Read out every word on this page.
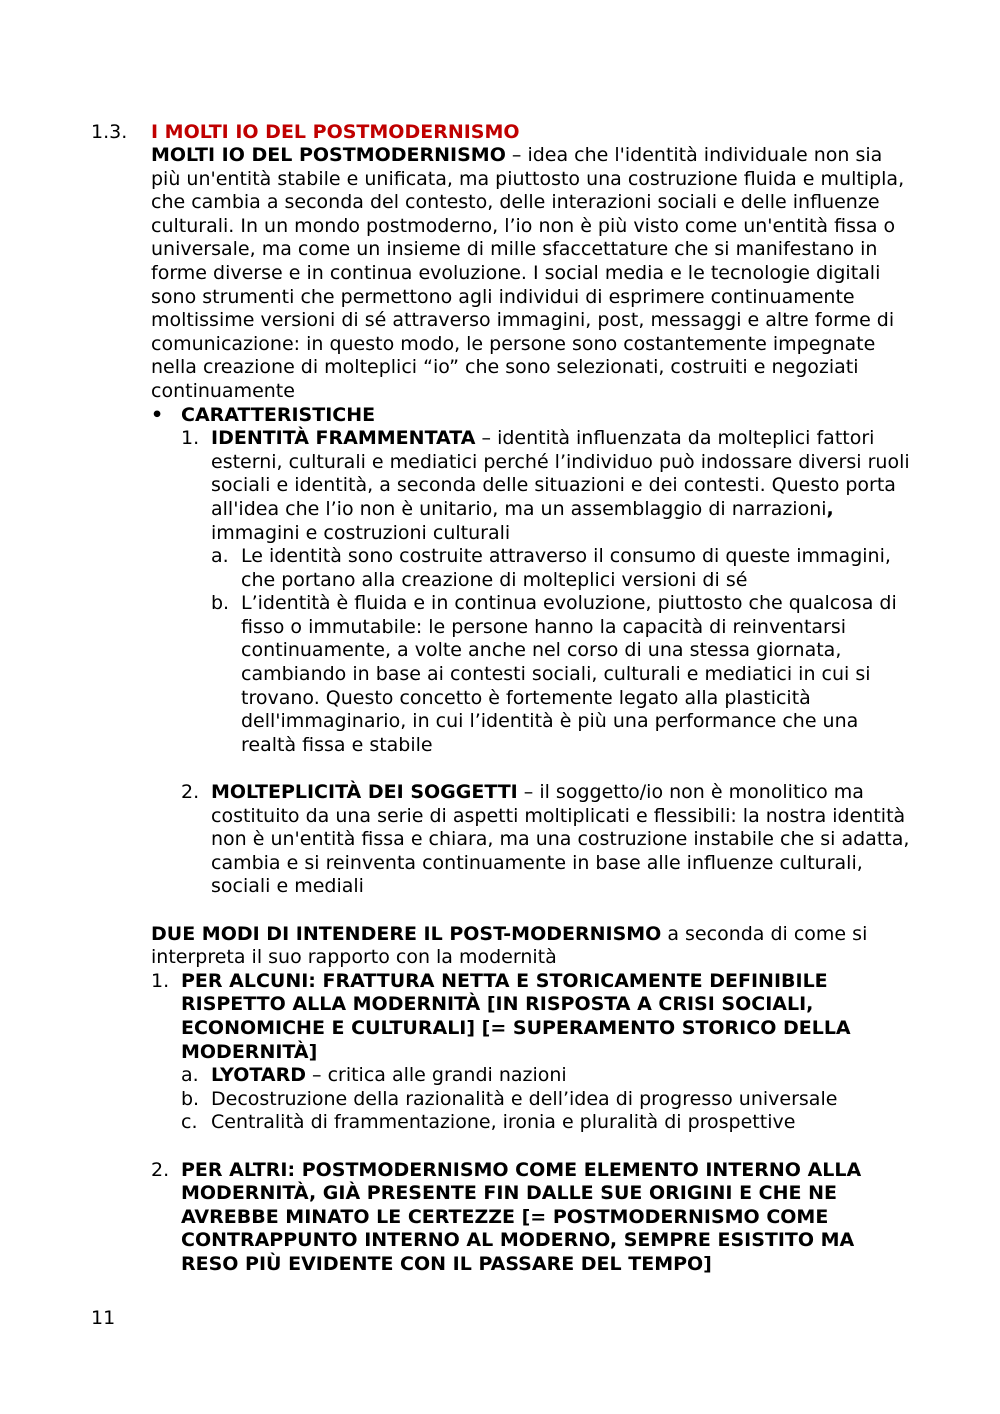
1.3. I MOLTI IO DEL POSTMODERNISMO

MOLTI IO DEL POSTMODERNISMO – idea che l'identità individuale non sia più un'entità stabile e unificata, ma piuttosto una costruzione fluida e multipla, che cambia a seconda del contesto, delle interazioni sociali e delle influenze culturali. In un mondo postmoderno, l’io non è più visto come un'entità fissa o universale, ma come un insieme di mille sfaccettature che si manifestano in forme diverse e in continua evoluzione. I social media e le tecnologie digitali sono strumenti che permettono agli individui di esprimere continuamente moltissime versioni di sé attraverso immagini, post, messaggi e altre forme di comunicazione: in questo modo, le persone sono costantemente impegnate nella creazione di molteplici “io” che sono selezionati, costruiti e negoziati continuamente

• CARATTERISTICHE
1. IDENTITÀ FRAMMENTATA – identità influenzata da molteplici fattori esterni, culturali e mediatici perché l’individuo può indossare diversi ruoli sociali e identità, a seconda delle situazioni e dei contesti. Questo porta all'idea che l’io non è unitario, ma un assemblaggio di narrazioni, immagini e costruzioni culturali
a. Le identità sono costruite attraverso il consumo di queste immagini, che portano alla creazione di molteplici versioni di sé
b. L’identità è fluida e in continua evoluzione, piuttosto che qualcosa di fisso o immutabile: le persone hanno la capacità di reinventarsi continuamente, a volte anche nel corso di una stessa giornata, cambiando in base ai contesti sociali, culturali e mediatici in cui si trovano. Questo concetto è fortemente legato alla plasticità dell'immaginario, in cui l’identità è più una performance che una realtà fissa e stabile
2. MOLTEPLICITÀ DEI SOGGETTI – il soggetto/io non è monolitico ma costituito da una serie di aspetti moltiplicati e flessibili: la nostra identità non è un'entità fissa e chiara, ma una costruzione instabile che si adatta, cambia e si reinventa continuamente in base alle influenze culturali, sociali e mediali

DUE MODI DI INTENDERE IL POST-MODERNISMO a seconda di come si interpreta il suo rapporto con la modernità

1. PER ALCUNI: FRATTURA NETTA E STORICAMENTE DEFINIBILE RISPETTO ALLA MODERNITÀ [IN RISPOSTA A CRISI SOCIALI, ECONOMICHE E CULTURALI] [= SUPERAMENTO STORICO DELLA MODERNITÀ]
a. LYOTARD – critica alle grandi nazioni
b. Decostruzione della razionalità e dell’idea di progresso universale
c. Centralità di frammentazione, ironia e pluralità di prospettive
2. PER ALTRI: POSTMODERNISMO COME ELEMENTO INTERNO ALLA MODERNITÀ, GIÀ PRESENTE FIN DALLE SUE ORIGINI E CHE NE AVREBBE MINATO LE CERTEZZE [= POSTMODERNISMO COME CONTRAPPUNTO INTERNO AL MODERNO, SEMPRE ESISTITO MA RESO PIÙ EVIDENTE CON IL PASSARE DEL TEMPO]
11
